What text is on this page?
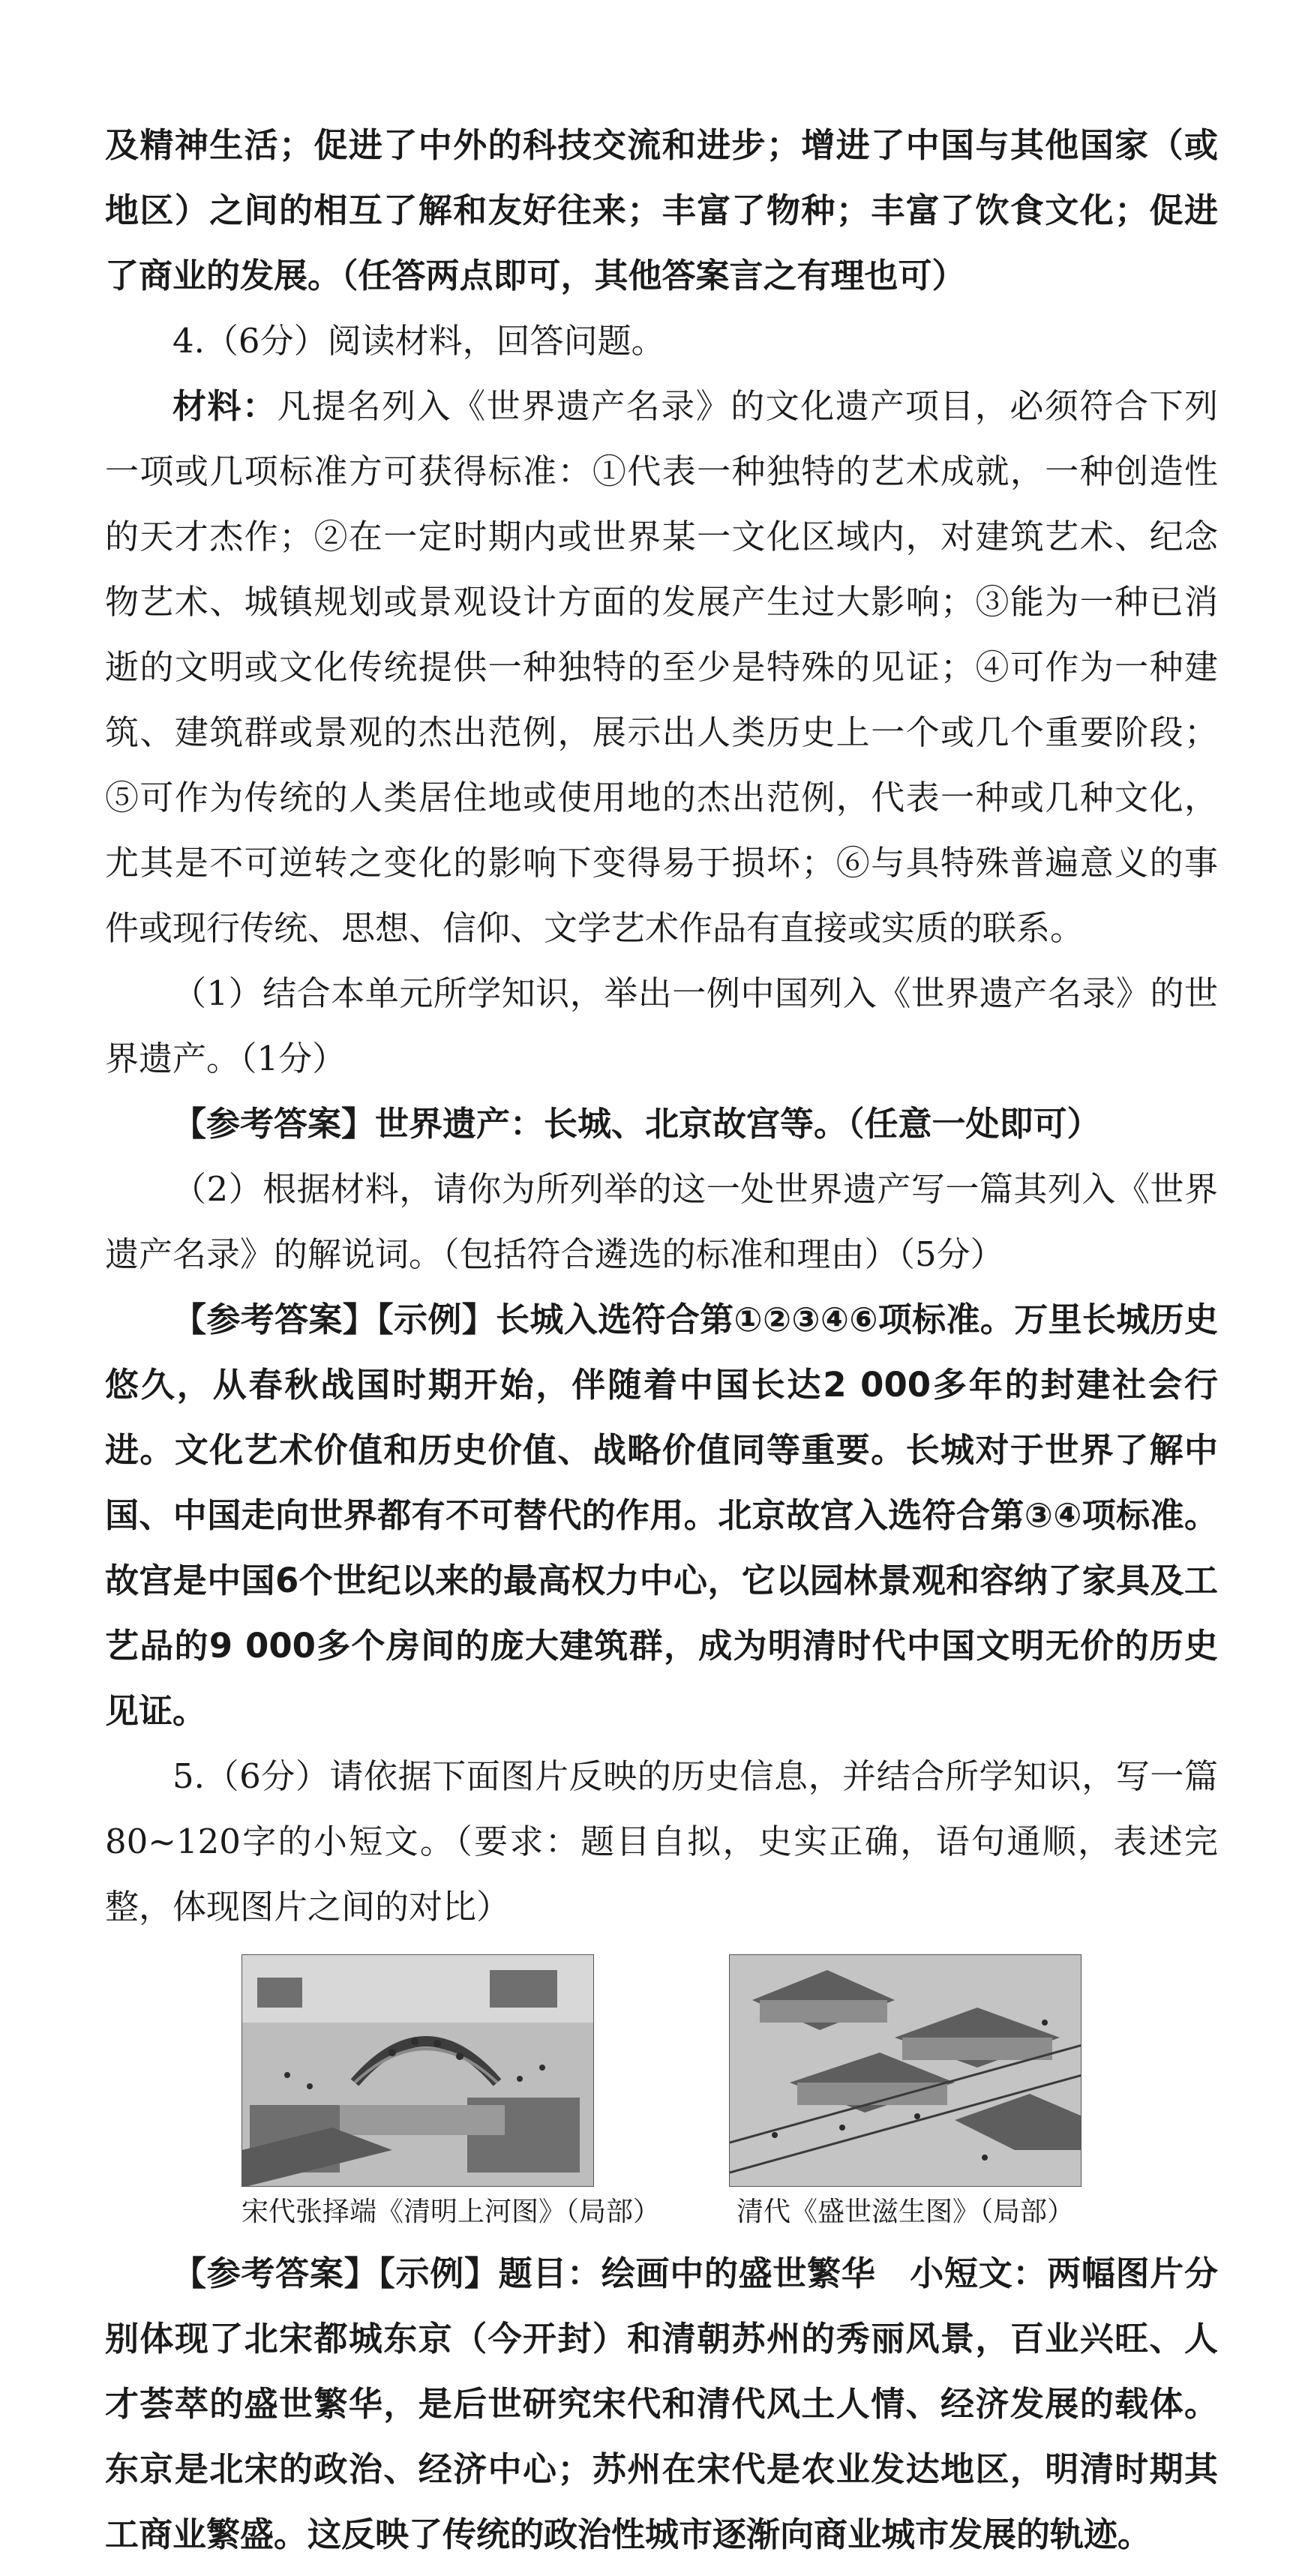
及精神生活；促进了中外的科技交流和进步；增进了中国与其他国家（或地区）之间的相互了解和友好往来；丰富了物种；丰富了饮食文化；促进了商业的发展。（任答两点即可，其他答案言之有理也可）

4.（6分）阅读材料，回答问题。

材料：凡提名列入《世界遗产名录》的文化遗产项目，必须符合下列一项或几项标准方可获得标准：①代表一种独特的艺术成就，一种创造性的天才杰作；②在一定时期内或世界某一文化区域内，对建筑艺术、纪念物艺术、城镇规划或景观设计方面的发展产生过大影响；③能为一种已消逝的文明或文化传统提供一种独特的至少是特殊的见证；④可作为一种建筑、建筑群或景观的杰出范例，展示出人类历史上一个或几个重要阶段；⑤可作为传统的人类居住地或使用地的杰出范例，代表一种或几种文化，尤其是不可逆转之变化的影响下变得易于损坏；⑥与具特殊普遍意义的事件或现行传统、思想、信仰、文学艺术作品有直接或实质的联系。

（1）结合本单元所学知识，举出一例中国列入《世界遗产名录》的世界遗产。（1分）

【参考答案】世界遗产：长城、北京故宫等。（任意一处即可）

（2）根据材料，请你为所列举的这一处世界遗产写一篇其列入《世界遗产名录》的解说词。（包括符合遴选的标准和理由）（5分）

【参考答案】【示例】长城入选符合第①②③④⑥项标准。万里长城历史悠久，从春秋战国时期开始，伴随着中国长达2 000多年的封建社会行进。文化艺术价值和历史价值、战略价值同等重要。长城对于世界了解中国、中国走向世界都有不可替代的作用。北京故宫入选符合第③④项标准。故宫是中国6个世纪以来的最高权力中心，它以园林景观和容纳了家具及工艺品的9 000多个房间的庞大建筑群，成为明清时代中国文明无价的历史见证。

5.（6分）请依据下面图片反映的历史信息，并结合所学知识，写一篇80~120字的小短文。（要求：题目自拟，史实正确，语句通顺，表述完整，体现图片之间的对比）

宋代张择端《清明上河图》（局部）	清代《盛世滋生图》（局部）

【参考答案】【示例】题目：绘画中的盛世繁华　小短文：两幅图片分别体现了北宋都城东京（今开封）和清朝苏州的秀丽风景，百业兴旺、人才荟萃的盛世繁华，是后世研究宋代和清代风土人情、经济发展的载体。东京是北宋的政治、经济中心；苏州在宋代是农业发达地区，明清时期其工商业繁盛。这反映了传统的政治性城市逐渐向商业城市发展的轨迹。
